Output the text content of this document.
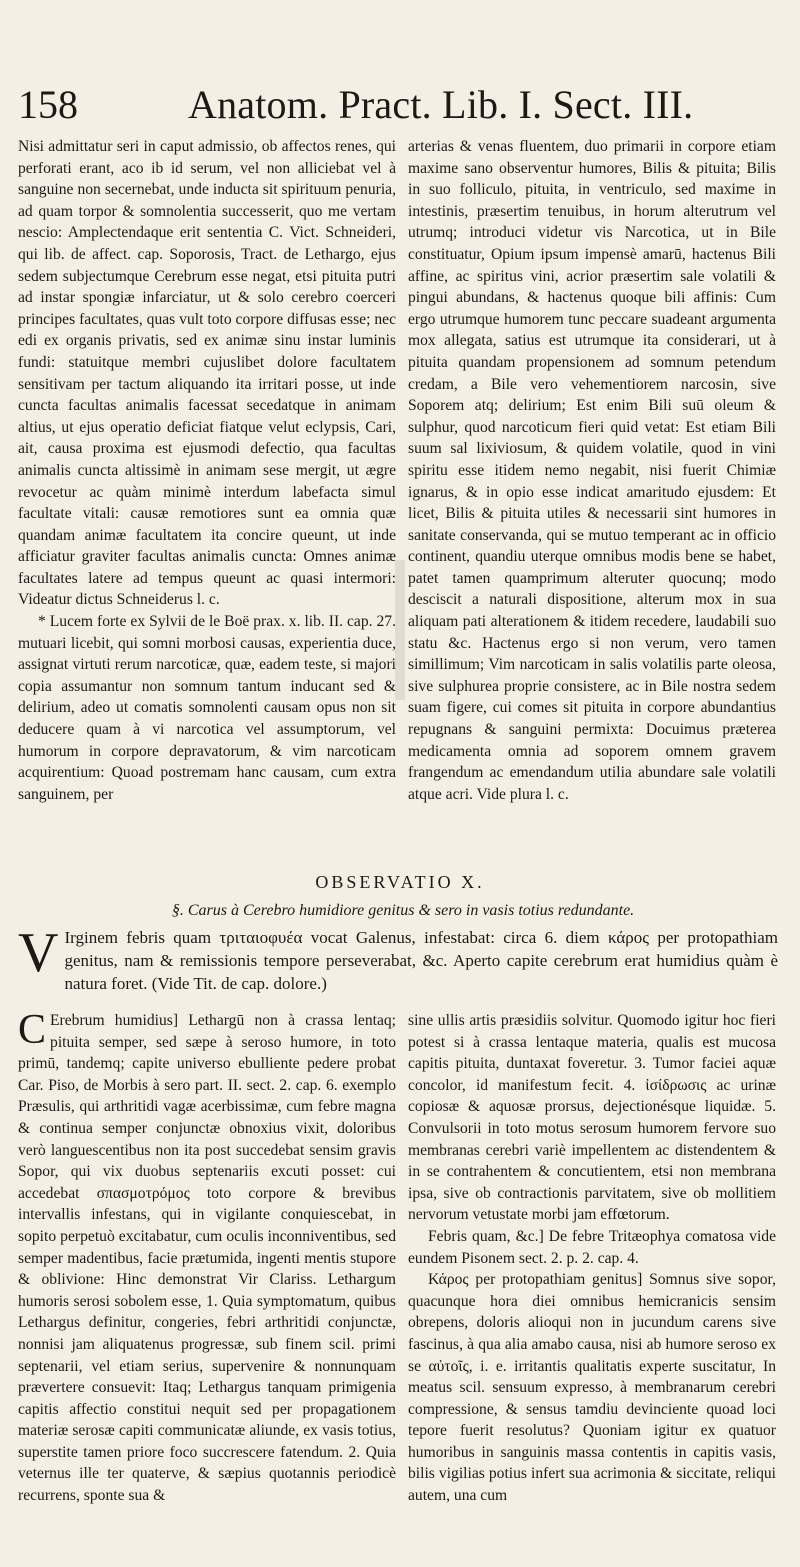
158	Anatom. Pract. Lib. I. Sect. III.

Nisi admittatur seri in caput admissio, ob affectos renes, qui perforati erant, aco ib id serum, vel non alliciebat vel à sanguine non secernebat, unde inducta sit spirituum penuria, ad quam torpor & somnolentia successerit, quo me vertam nescio: Amplectendaque erit sententia C. Vict. Schneideri, qui lib. de affect. cap. Soporosis, Tract. de Lethargo, ejus sedem subjectumque Cerebrum esse negat, etsi pituita putri ad instar spongiæ infarciatur, ut & solo cerebro coerceri principes facultates, quas vult toto corpore diffusas esse; nec edi ex organis privatis, sed ex animæ sinu instar luminis fundi: statuitque membri cujuslibet dolore facultatem sensitivam per tactum aliquando ita irritari posse, ut inde cuncta facultas animalis facessat secedatque in animam altius, ut ejus operatio deficiat fiatque velut eclypsis, Cari, ait, causa proxima est ejusmodi defectio, qua facultas animalis cuncta altissimè in animam sese mergit, ut ægre revocetur ac quàm minimè interdum labefacta simul facultate vitali: causæ remotiores sunt ea omnia quæ quandam animæ facultatem ita concire queunt, ut inde afficiatur graviter facultas animalis cuncta: Omnes animæ facultates latere ad tempus queunt ac quasi intermori: Videatur dictus Schneiderus l. c.

* Lucem forte ex Sylvii de le Boë prax. x. lib. II. cap. 27. mutuari licebit, qui somni morbosi causas, experientia duce, assignat virtuti rerum narcoticæ, quæ, eadem teste, si majori copia assumantur non somnum tantum inducant sed & delirium, adeo ut comatis somnolenti causam opus non sit deducere quam à vi narcotica vel assumptorum, vel humorum in corpore depravatorum, & vim narcoticam acquirentium: Quoad postremam hanc causam, cum extra sanguinem, per

arterias & venas fluentem, duo primarii in corpore etiam maxime sano observentur humores, Bilis & pituita; Bilis in suo folliculo, pituita, in ventriculo, sed maxime in intestinis, præsertim tenuibus, in horum alterutrum vel utrumq; introduci videtur vis Narcotica, ut in Bile constituatur, Opium ipsum impensè amarū, hactenus Bili affine, ac spiritus vini, acrior præsertim sale volatili & pingui abundans, & hactenus quoque bili affinis: Cum ergo utrumque humorem tunc peccare suadeant argumenta mox allegata, satius est utrumque ita considerari, ut à pituita quandam propensionem ad somnum petendum credam, a Bile vero vehementiorem narcosin, sive Soporem atq; delirium; Est enim Bili suū oleum & sulphur, quod narcoticum fieri quid vetat: Est etiam Bili suum sal lixiviosum, & quidem volatile, quod in vini spiritu esse itidem nemo negabit, nisi fuerit Chimiæ ignarus, & in opio esse indicat amaritudo ejusdem: Et licet, Bilis & pituita utiles & necessarii sint humores in sanitate conservanda, qui se mutuo temperant ac in officio continent, quandiu uterque omnibus modis bene se habet, patet tamen quamprimum alteruter quocunq; modo desciscit a naturali dispositione, alterum mox in sua aliquam pati alterationem & itidem recedere, laudabili suo statu &c. Hactenus ergo si non verum, vero tamen simillimum; Vim narcoticam in salis volatilis parte oleosa, sive sulphurea proprie consistere, ac in Bile nostra sedem suam figere, cui comes sit pituita in corpore abundantius repugnans & sanguini permixta: Docuimus præterea medicamenta omnia ad soporem omnem gravem frangendum ac emendandum utilia abundare sale volatili atque acri. Vide plura l. c.

OBSERVATIO X.
§. Carus à Cerebro humidiore genitus & sero in vasis totius redundante.
V Irginem febris quam τριταιοφυέα vocat Galenus, infestabat: circa 6. diem κάρος per protopathiam genitus, nam & remissionis tempore perseverabat, &c. Aperto capite cerebrum erat humidius quàm è natura foret. (Vide Tit. de cap. dolore.)

C Erebrum humidius] Lethargū non à crassa lentaq; pituita semper, sed sæpe à seroso humore, in toto primū, tandemq; capite universo ebulliente pedere probat Car. Piso, de Morbis à sero part. II. sect. 2. cap. 6. exemplo Præsulis, qui arthritidi vagæ acerbissimæ, cum febre magna & continua semper conjunctæ obnoxius vixit, doloribus verò languescentibus non ita post succedebat sensim gravis Sopor, qui vix duobus septenariis excuti posset: cui accedebat σπασμοτρόμος toto corpore & brevibus intervallis infestans, qui in vigilante conquiescebat, in sopito perpetuò excitabatur, cum oculis inconniventibus, sed semper madentibus, facie prætumida, ingenti mentis stupore & oblivione: Hinc demonstrat Vir Clariss. Lethargum humoris serosi sobolem esse, 1. Quia symptomatum, quibus Lethargus definitur, congeries, febri arthritidi conjunctæ, nonnisi jam aliquatenus progressæ, sub finem scil. primi septenarii, vel etiam serius, supervenire & nonnunquam prævertere consuevit: Itaq; Lethargus tanquam primigenia capitis affectio constitui nequit sed per propagationem materiæ serosæ capiti communicatæ aliunde, ex vasis totius, superstite tamen priore foco succrescere fatendum. 2. Quia veternus ille ter quaterve, & sæpius quotannis periodicè recurrens, sponte sua &

sine ullis artis præsidiis solvitur. Quomodo igitur hoc fieri potest si à crassa lentaque materia, qualis est mucosa capitis pituita, duntaxat foveretur. 3. Tumor faciei aquæ concolor, id manifestum fecit. 4. ἰσίδρωσις ac urinæ copiosæ & aquosæ prorsus, dejectionésque liquidæ. 5. Convulsorii in toto motus serosum humorem fervore suo membranas cerebri variè impellentem ac distendentem & in se contrahentem & concutientem, etsi non membrana ipsa, sive ob contractionis parvitatem, sive ob mollitiem nervorum vetustate morbi jam effœtorum.

Febris quam, &c.] De febre Tritæophya comatosa vide eundem Pisonem sect. 2. p. 2. cap. 4.

Κάρος per protopathiam genitus] Somnus sive sopor, quacunque hora diei omnibus hemicranicis sensim obrepens, doloris alioqui non in jucundum carens sive fascinus, à qua alia amabo causa, nisi ab humore seroso ex se αὐτοῖς, i. e. irritantis qualitatis experte suscitatur, In meatus scil. sensuum expresso, à membranarum cerebri compressione, & sensus tamdiu devinciente quoad loci tepore fuerit resolutus? Quoniam igitur ex quatuor humoribus in sanguinis massa contentis in capitis vasis, bilis vigilias potius infert sua acrimonia & siccitate, reliqui autem, una cum
